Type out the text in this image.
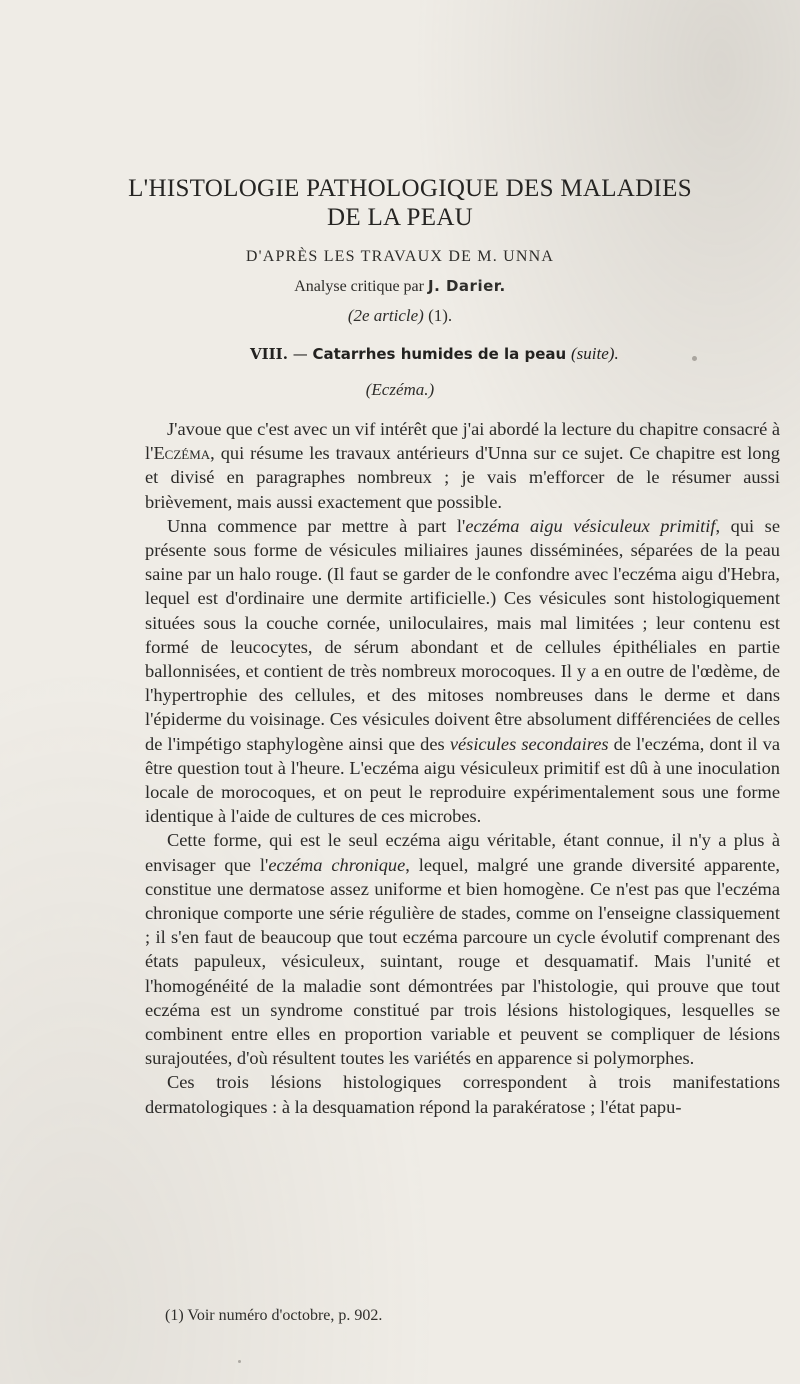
L'HISTOLOGIE PATHOLOGIQUE DES MALADIES
DE LA PEAU
D'APRÈS LES TRAVAUX DE M. UNNA
Analyse critique par J. Darier.
(2e article) (1).
VIII. — Catarrhes humides de la peau (suite).
(Eczéma.)

J'avoue que c'est avec un vif intérêt que j'ai abordé la lecture du chapitre consacré à l'Eczéma, qui résume les travaux antérieurs d'Unna sur ce sujet. Ce chapitre est long et divisé en paragraphes nombreux ; je vais m'efforcer de le résumer aussi brièvement, mais aussi exactement que possible.

Unna commence par mettre à part l'eczéma aigu vésiculeux primitif, qui se présente sous forme de vésicules miliaires jaunes disséminées, séparées de la peau saine par un halo rouge. (Il faut se garder de le confondre avec l'eczéma aigu d'Hebra, lequel est d'ordinaire une dermite artificielle.) Ces vésicules sont histologiquement situées sous la couche cornée, uniloculaires, mais mal limitées ; leur contenu est formé de leucocytes, de sérum abondant et de cellules épithéliales en partie ballonnisées, et contient de très nombreux morocoques. Il y a en outre de l'œdème, de l'hypertrophie des cellules, et des mitoses nombreuses dans le derme et dans l'épiderme du voisinage. Ces vésicules doivent être absolument différenciées de celles de l'impétigo staphylogène ainsi que des vésicules secondaires de l'eczéma, dont il va être question tout à l'heure. L'eczéma aigu vésiculeux primitif est dû à une inoculation locale de morocoques, et on peut le reproduire expérimentalement sous une forme identique à l'aide de cultures de ces microbes.

Cette forme, qui est le seul eczéma aigu véritable, étant connue, il n'y a plus à envisager que l'eczéma chronique, lequel, malgré une grande diversité apparente, constitue une dermatose assez uniforme et bien homogène. Ce n'est pas que l'eczéma chronique comporte une série régulière de stades, comme on l'enseigne classiquement ; il s'en faut de beaucoup que tout eczéma parcoure un cycle évolutif comprenant des états papuleux, vésiculeux, suintant, rouge et desquamatif. Mais l'unité et l'homogénéité de la maladie sont démontrées par l'histologie, qui prouve que tout eczéma est un syndrome constitué par trois lésions histologiques, lesquelles se combinent entre elles en proportion variable et peuvent se compliquer de lésions surajoutées, d'où résultent toutes les variétés en apparence si polymorphes.

Ces trois lésions histologiques correspondent à trois manifestations dermatologiques : à la desquamation répond la parakératose ; l'état papu-

(1) Voir numéro d'octobre, p. 902.
